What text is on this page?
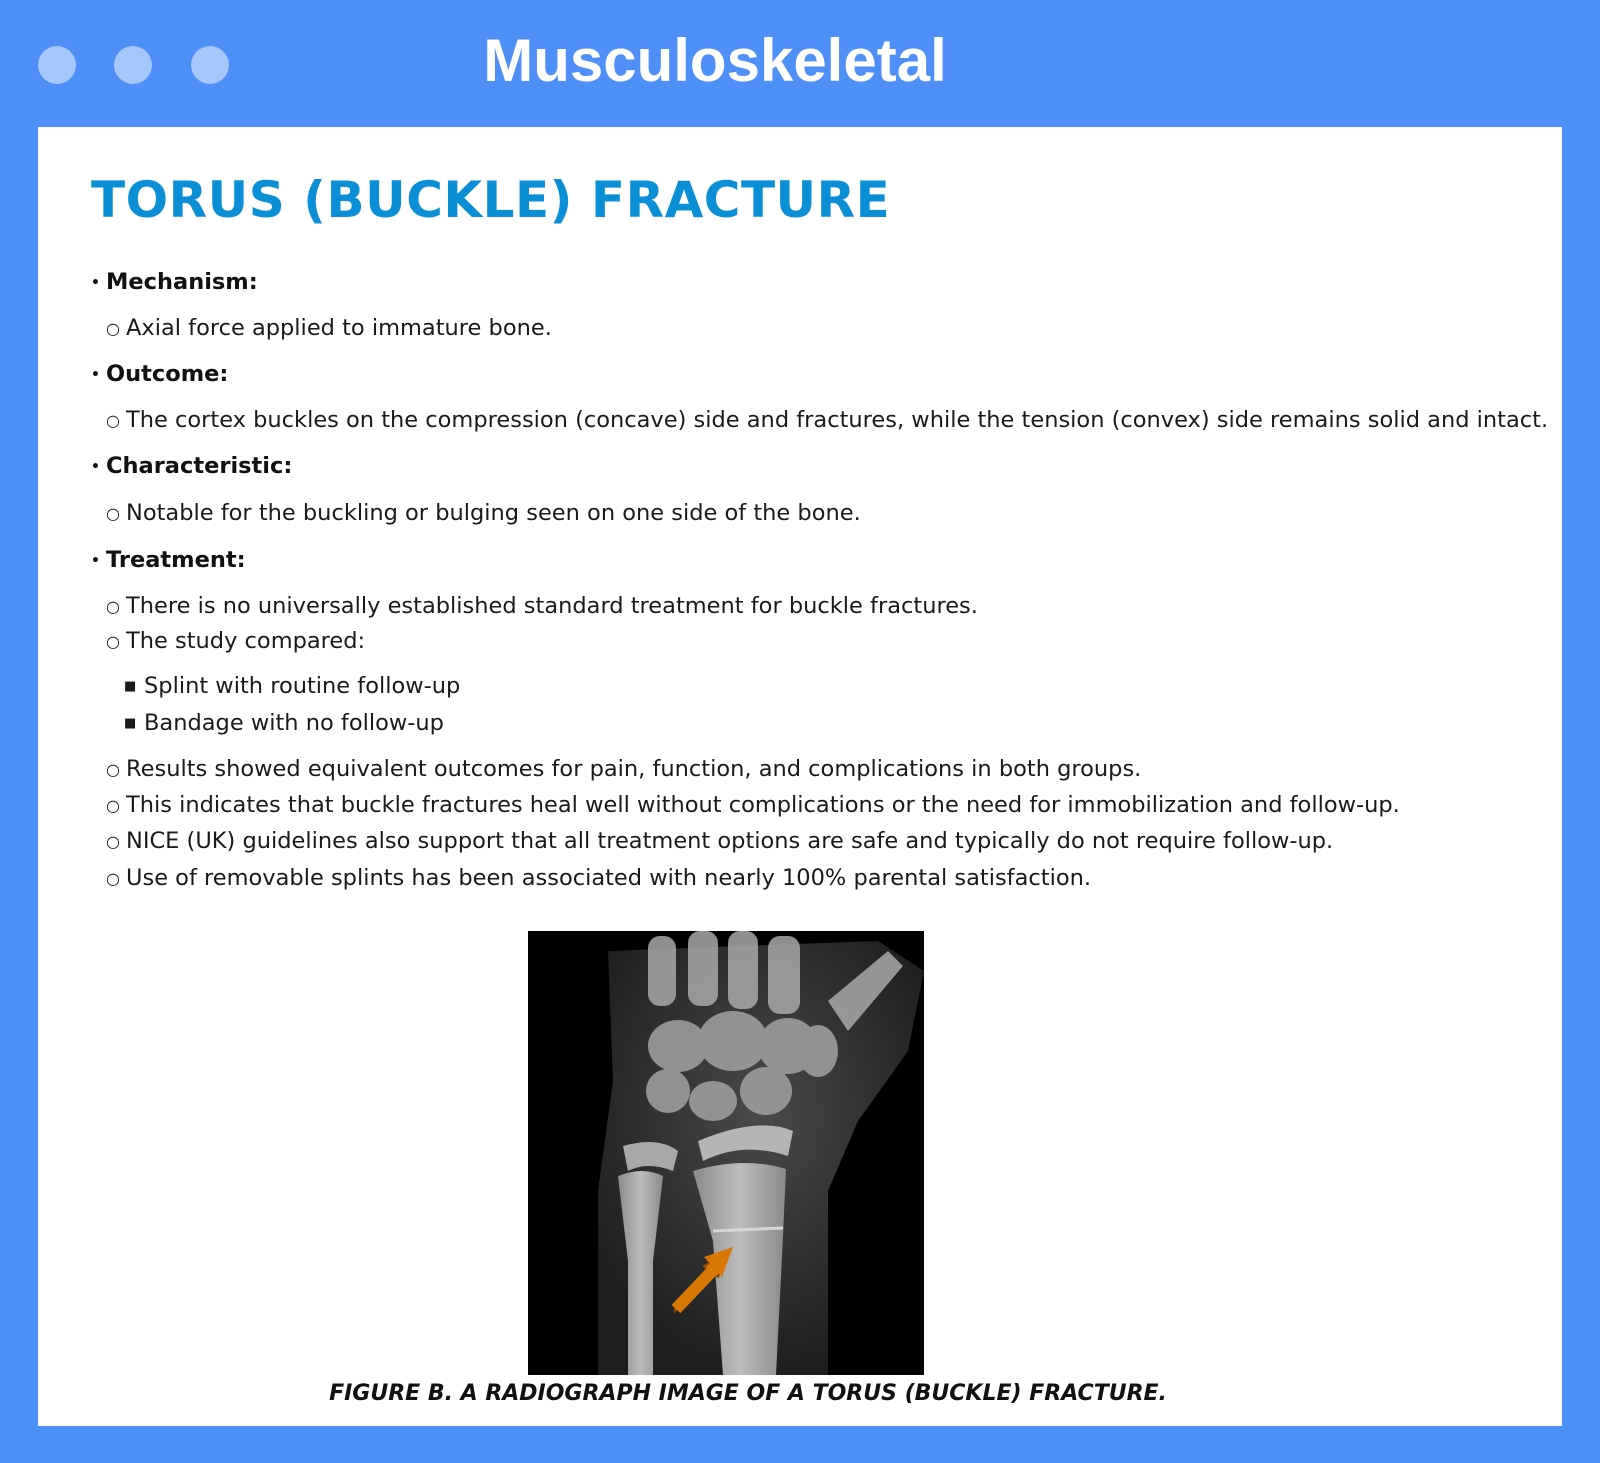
Musculoskeletal
TORUS (BUCKLE) FRACTURE
• Mechanism:
○ Axial force applied to immature bone.
• Outcome:
○ The cortex buckles on the compression (concave) side and fractures, while the tension (convex) side remains solid and intact.
• Characteristic:
○ Notable for the buckling or bulging seen on one side of the bone.
• Treatment:
○ There is no universally established standard treatment for buckle fractures.
○ The study compared:
■ Splint with routine follow-up
■ Bandage with no follow-up
○ Results showed equivalent outcomes for pain, function, and complications in both groups.
○ This indicates that buckle fractures heal well without complications or the need for immobilization and follow-up.
○ NICE (UK) guidelines also support that all treatment options are safe and typically do not require follow-up.
○ Use of removable splints has been associated with nearly 100% parental satisfaction.
FIGURE B. A RADIOGRAPH IMAGE OF A TORUS (BUCKLE) FRACTURE.
